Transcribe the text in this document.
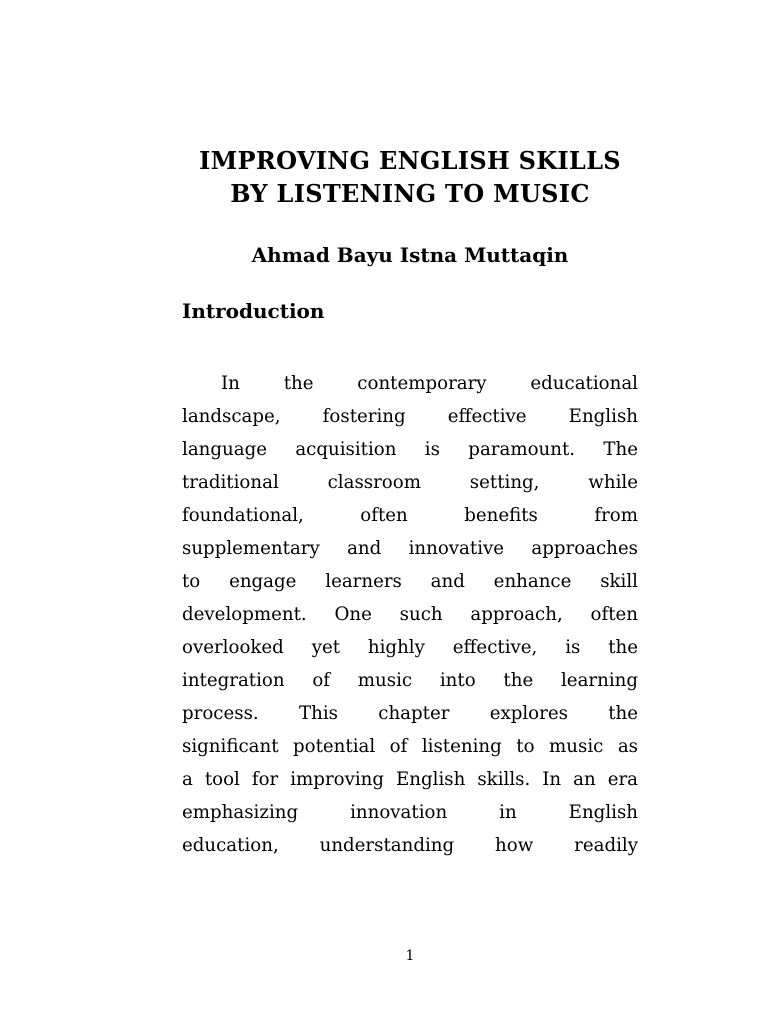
IMPROVING ENGLISH SKILLS
BY LISTENING TO MUSIC
Ahmad Bayu Istna Muttaqin
Introduction
In the contemporary educational
landscape, fostering effective English
language acquisition is paramount. The
traditional classroom setting, while
foundational, often benefits from
supplementary and innovative approaches
to engage learners and enhance skill
development. One such approach, often
overlooked yet highly effective, is the
integration of music into the learning
process. This chapter explores the
significant potential of listening to music as
a tool for improving English skills. In an era
emphasizing innovation in English
education, understanding how readily
1
